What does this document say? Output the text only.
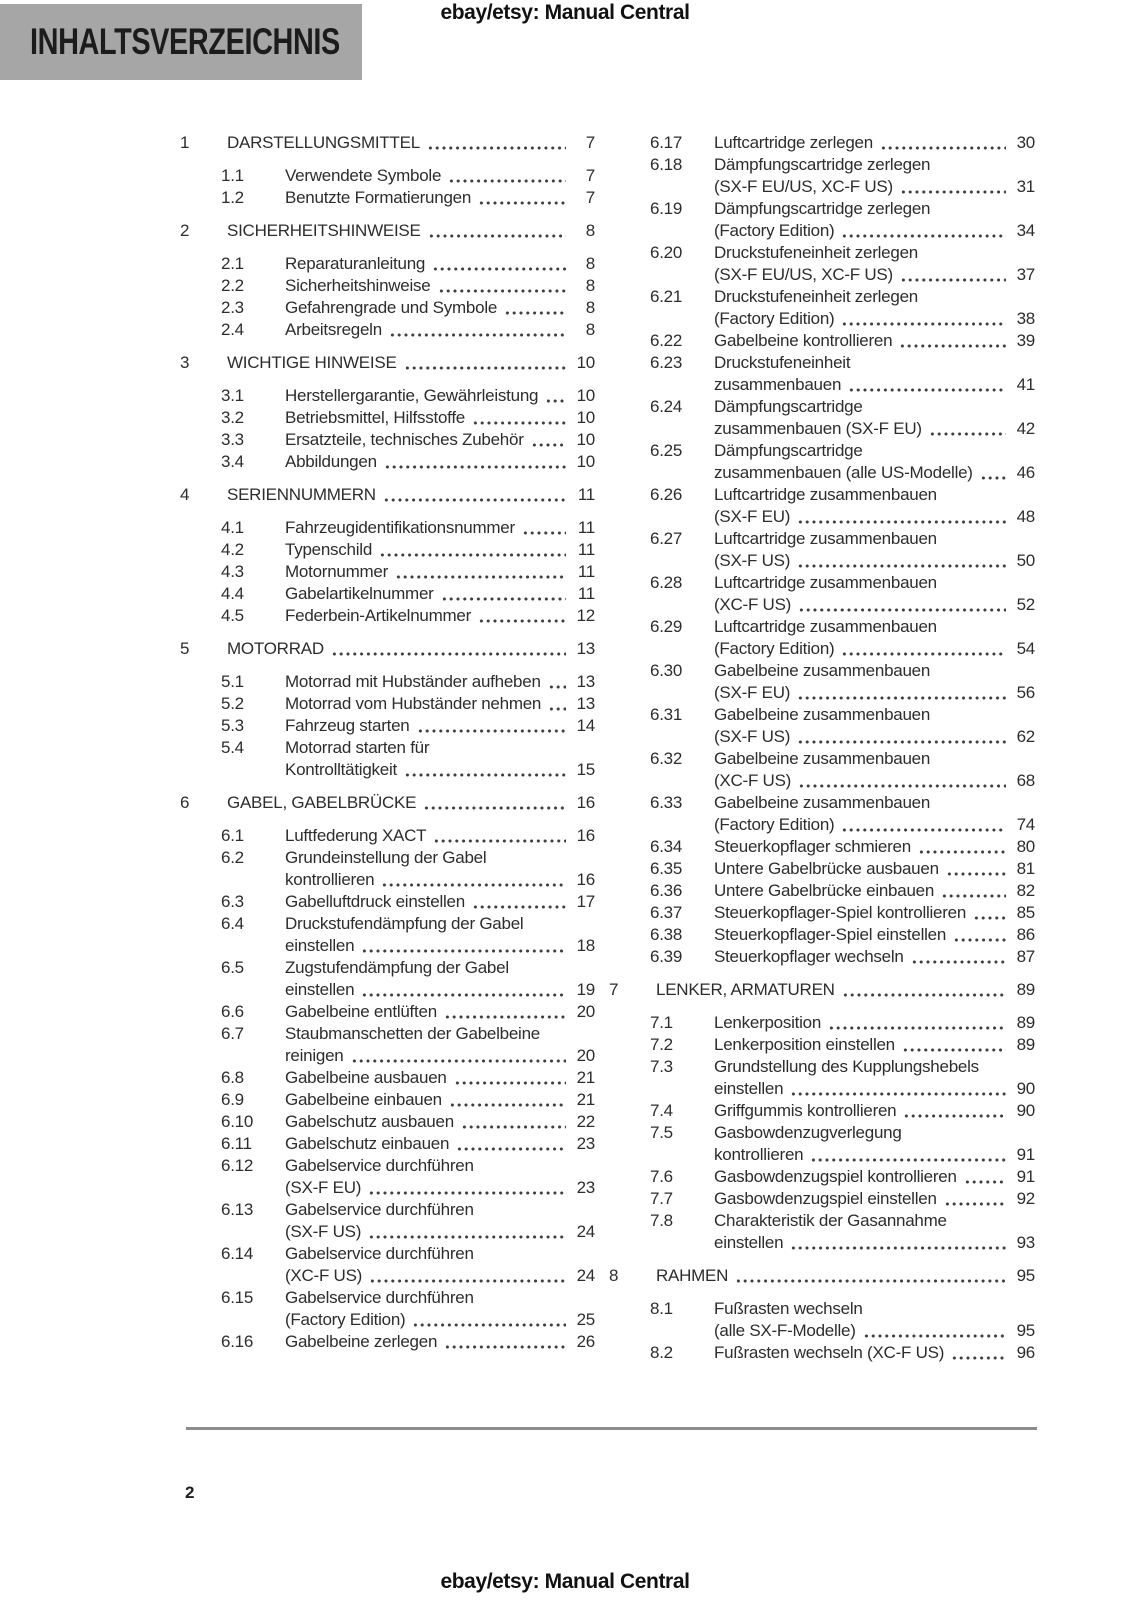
INHALTSVERZEICHNIS
ebay/etsy: Manual Central
1	DARSTELLUNGSMITTEL	7
1.1	Verwendete Symbole	7
1.2	Benutzte Formatierungen	7
2	SICHERHEITSHINWEISE	8
2.1	Reparaturanleitung	8
2.2	Sicherheitshinweise	8
2.3	Gefahrengrade und Symbole	8
2.4	Arbeitsregeln	8
3	WICHTIGE HINWEISE	10
3.1	Herstellergarantie, Gewährleistung	10
3.2	Betriebsmittel, Hilfsstoffe	10
3.3	Ersatzteile, technisches Zubehör	10
3.4	Abbildungen	10
4	SERIENNUMMERN	11
4.1	Fahrzeugidentifikationsnummer	11
4.2	Typenschild	11
4.3	Motornummer	11
4.4	Gabelartikelnummer	11
4.5	Federbein-Artikelnummer	12
5	MOTORRAD	13
5.1	Motorrad mit Hubständer aufheben	13
5.2	Motorrad vom Hubständer nehmen	13
5.3	Fahrzeug starten	14
5.4	Motorrad starten für
Kontrolltätigkeit	15
6	GABEL, GABELBRÜCKE	16
6.1	Luftfederung XACT	16
6.2	Grundeinstellung der Gabel
kontrollieren	16
6.3	Gabelluftdruck einstellen	17
6.4	Druckstufendämpfung der Gabel
einstellen	18
6.5	Zugstufendämpfung der Gabel
einstellen	19
6.6	Gabelbeine entlüften	20
6.7	Staubmanschetten der Gabelbeine
reinigen	20
6.8	Gabelbeine ausbauen	21
6.9	Gabelbeine einbauen	21
6.10	Gabelschutz ausbauen	22
6.11	Gabelschutz einbauen	23
6.12	Gabelservice durchführen
(SX-F EU)	23
6.13	Gabelservice durchführen
(SX-F US)	24
6.14	Gabelservice durchführen
(XC-F US)	24
6.15	Gabelservice durchführen
(Factory Edition)	25
6.16	Gabelbeine zerlegen	26
6.17	Luftcartridge zerlegen	30
6.18	Dämpfungscartridge zerlegen
(SX-F EU/US, XC-F US)	31
6.19	Dämpfungscartridge zerlegen
(Factory Edition)	34
6.20	Druckstufeneinheit zerlegen
(SX-F EU/US, XC-F US)	37
6.21	Druckstufeneinheit zerlegen
(Factory Edition)	38
6.22	Gabelbeine kontrollieren	39
6.23	Druckstufeneinheit
zusammenbauen	41
6.24	Dämpfungscartridge
zusammenbauen (SX-F EU)	42
6.25	Dämpfungscartridge
zusammenbauen (alle US-Modelle)	46
6.26	Luftcartridge zusammenbauen
(SX-F EU)	48
6.27	Luftcartridge zusammenbauen
(SX-F US)	50
6.28	Luftcartridge zusammenbauen
(XC-F US)	52
6.29	Luftcartridge zusammenbauen
(Factory Edition)	54
6.30	Gabelbeine zusammenbauen
(SX-F EU)	56
6.31	Gabelbeine zusammenbauen
(SX-F US)	62
6.32	Gabelbeine zusammenbauen
(XC-F US)	68
6.33	Gabelbeine zusammenbauen
(Factory Edition)	74
6.34	Steuerkopflager schmieren	80
6.35	Untere Gabelbrücke ausbauen	81
6.36	Untere Gabelbrücke einbauen	82
6.37	Steuerkopflager-Spiel kontrollieren	85
6.38	Steuerkopflager-Spiel einstellen	86
6.39	Steuerkopflager wechseln	87
7	LENKER, ARMATUREN	89
7.1	Lenkerposition	89
7.2	Lenkerposition einstellen	89
7.3	Grundstellung des Kupplungshebels
einstellen	90
7.4	Griffgummis kontrollieren	90
7.5	Gasbowdenzugverlegung
kontrollieren	91
7.6	Gasbowdenzugspiel kontrollieren	91
7.7	Gasbowdenzugspiel einstellen	92
7.8	Charakteristik der Gasannahme
einstellen	93
8	RAHMEN	95
8.1	Fußrasten wechseln
(alle SX-F-Modelle)	95
8.2	Fußrasten wechseln (XC-F US)	96
2
ebay/etsy: Manual Central
